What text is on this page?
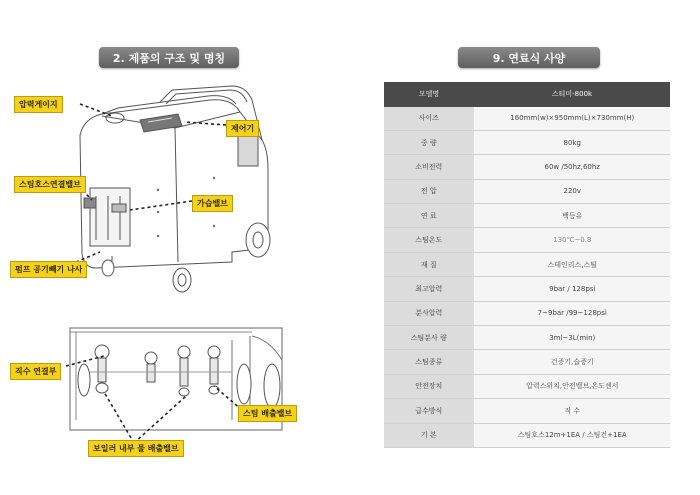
2. 제품의 구조 및 명칭	9. 연료식 사양
압력게이지
제어기
스팀호스연결밸브
가습밸브
펌프 공기빼기 나사
직수 연결부
스팀 배출밸브
보일러 내부 물 배출밸브
모델명	스티미-800k
사이즈	160mm(w)×950mm(L)×730mm(H)
중 량	80kg
소비전력	60w /50hz,60hz
전 압	220v
연 료	백등유
스팀온도	130℃~0.8
재 질	스테인리스,스틸
최고압력	9bar / 128psi
분사압력	7~9bar /99~128psi
스팀분사 량	3ml~3L(min)
스팀종류	건증기,습증기
안전장치	압력스위치,안전밸브,온도센서
급수방식	직 수
기 본	스팀호스12m+1EA / 스팀건+1EA
